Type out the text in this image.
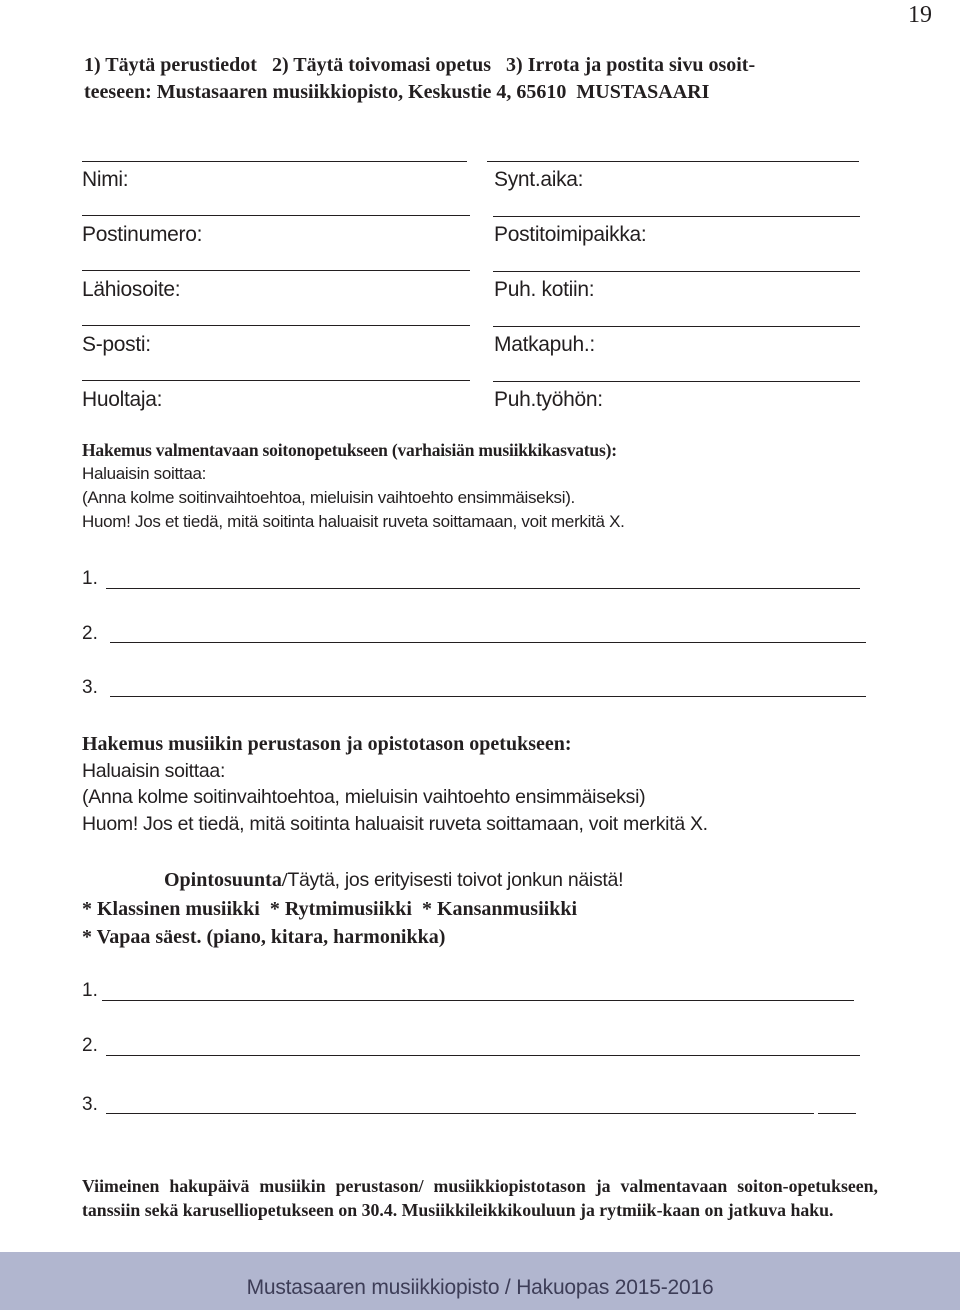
19
1) Täytä perustiedot   2) Täytä toivomasi opetus   3) Irrota ja postita sivu osoit-
teeseen: Mustasaaren musiikkiopisto, Keskustie 4, 65610  MUSTASAARI
Nimi:
Postinumero:
Lähiosoite:
S-posti:
Huoltaja:
Synt.aika:
Postitoimipaikka:
Puh. kotiin:
Matkapuh.:
Puh.työhön:
Hakemus valmentavaan soitonopetukseen (varhaisiän musiikkikasvatus):
Haluaisin soittaa:
(Anna kolme soitinvaihtoehtoa, mieluisin vaihtoehto ensimmäiseksi).
Huom! Jos et tiedä, mitä soitinta haluaisit ruveta soittamaan, voit merkitä X.
1.
2.
3.
Hakemus musiikin perustason ja opistotason opetukseen:
Haluaisin soittaa:
(Anna kolme soitinvaihtoehtoa, mieluisin vaihtoehto ensimmäiseksi)
Huom! Jos et tiedä, mitä soitinta haluaisit ruveta soittamaan, voit merkitä X.
Opintosuunta/Täytä, jos erityisesti toivot jonkun näistä!
* Klassinen musiikki  * Rytmimusiikki  * Kansanmusiikki
* Vapaa säest. (piano, kitara, harmonikka)
1.
2.
3.
Viimeinen hakupäivä musiikin perustason/ musiikkiopistotason ja valmentavaan soiton-opetukseen, tanssiin sekä karuselliopetukseen on 30.4. Musiikkileikkikouluun ja rytmiik-kaan on jatkuva haku.
Mustasaaren musiikkiopisto / Hakuopas 2015-2016
